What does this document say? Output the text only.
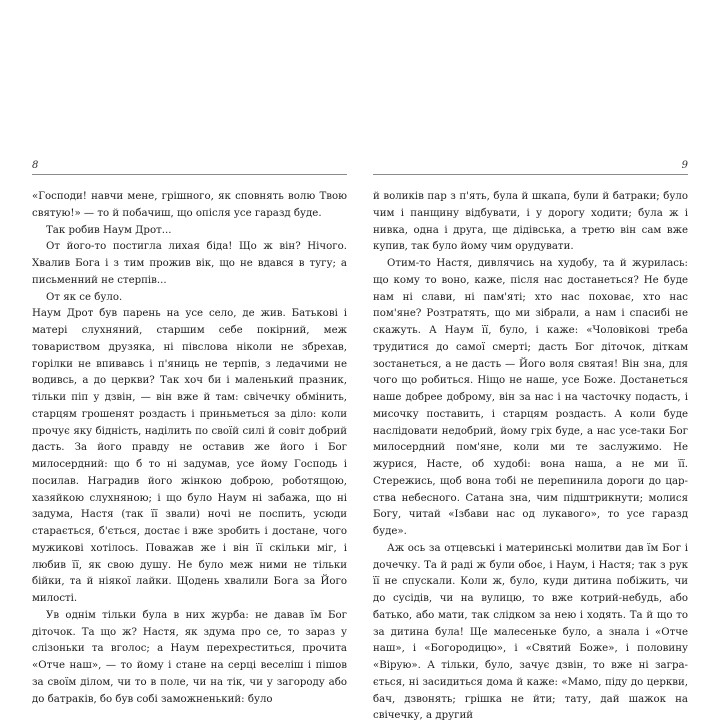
8

«Господи! навчи мене, грішного, як сповнять волю Твою святую!» — то й побачиш, що опісля усе гаразд буде.

Так робив Наум Дрот...

От його-то постигла лихая біда! Що ж він? Нічого. Хвалив Бога і з тим прожив вік, що не вдався в тугу; а письменний не стерпів...

От як се було.

Наум Дрот був парень на усе село, де жив. Батькові і матері слухняний, старшим себе покірний, меж товариством друзяка, ні півслова ніколи не збрехав, горілки не впивавсь і п'яниць не терпів, з ледачими не водивсь, а до церкви? Так хоч би і маленький празник, тільки піп у дзвін, — він вже й там: свічечку обмінить, старцям грошенят роздасть і приньметься за діло: коли прочує яку бідність, наділить по своїй силі й совіт добрий дасть. За його правду не оставив же його і Бог милосердний: що б то ні задумав, усе йому Господь і посилав. Наградив його жінкою доброю, роботящою, хазяйкою слухняною; і що було Наум ні забажа, що ні задума, Настя (так її звали) ночі не поспить, усюди старається, б'ється, достає і вже зробить і достане, чого мужикові хотілось. Поважав же і він її скільки міг, і любив її, як свою душу. Не було меж ними не тільки бійки, та й ніякої лайки. Щодень хвалили Бога за Його милості.

Ув однім тільки була в них журба: не давав їм Бог діточок. Та що ж? Настя, як здума про се, то зараз у слізоньки та вголос; а Наум перехреститься, прочита «Отче наш», — то йому і стане на серці веселіш і пішов за своїм ділом, чи то в поле, чи на тік, чи у загороду або до батраків, бо був собі заможненький: було

9

й воликів пар з п'ять, була й шкапа, були й батраки; було чим і панщину відбувати, і у дорогу ходити; була ж і нивка, одна і друга, ще дідівська, а третю він сам вже купив, так було йому чим орудувати.

Отим-то Настя, дивлячись на худобу, та й журилась: що кому то воно, каже, після нас достанеться? Не буде нам ні слави, ні пам'яті; хто нас поховає, хто нас пом'яне? Розтратять, що ми зібрали, а нам і спасибі не скажуть. А Наум її, було, і каже: «Чоловікові треба трудитися до самої смерті; дасть Бог діточок, діткам зостанеться, а не дасть — Його воля святая! Він зна, для чого що робиться. Ніщо не наше, усе Боже. Достанеться наше добрее доброму, він за нас і на часточку подасть, і мисочку поставить, і старцям роздасть. А коли буде наслідовати недобрий, йому гріх буде, а нас усе-таки Бог милосердний пом'яне, коли ми те заслужимо. Не журися, Насте, об худобі: вона наша, а не ми її. Стережись, щоб вона тобі не перепинила дороги до царства небесного. Сатана зна, чим підштрикнути; молися Богу, читай «Ізбави нас од лукавого», то усе гаразд буде».

Аж ось за отцевські і материнські молитви дав їм Бог і дочечку. Та й раді ж були обоє, і Наум, і Настя; так з рук її не спускали. Коли ж, було, куди дитина побіжить, чи до сусідів, чи на вулицю, то вже котрий-небудь, або батько, або мати, так слідком за нею і ходять. Та й що то за дитина була! Ще малесеньке було, а знала і «Отче наш», і «Богородицю», і «Святий Боже», і половину «Вірую». А тільки, було, зачує дзвін, то вже ні заграється, ні засидиться дома й каже: «Мамо, піду до церкви, бач, дзвонять; грішка не йти; тату, дай шажок на свічечку, а другий
